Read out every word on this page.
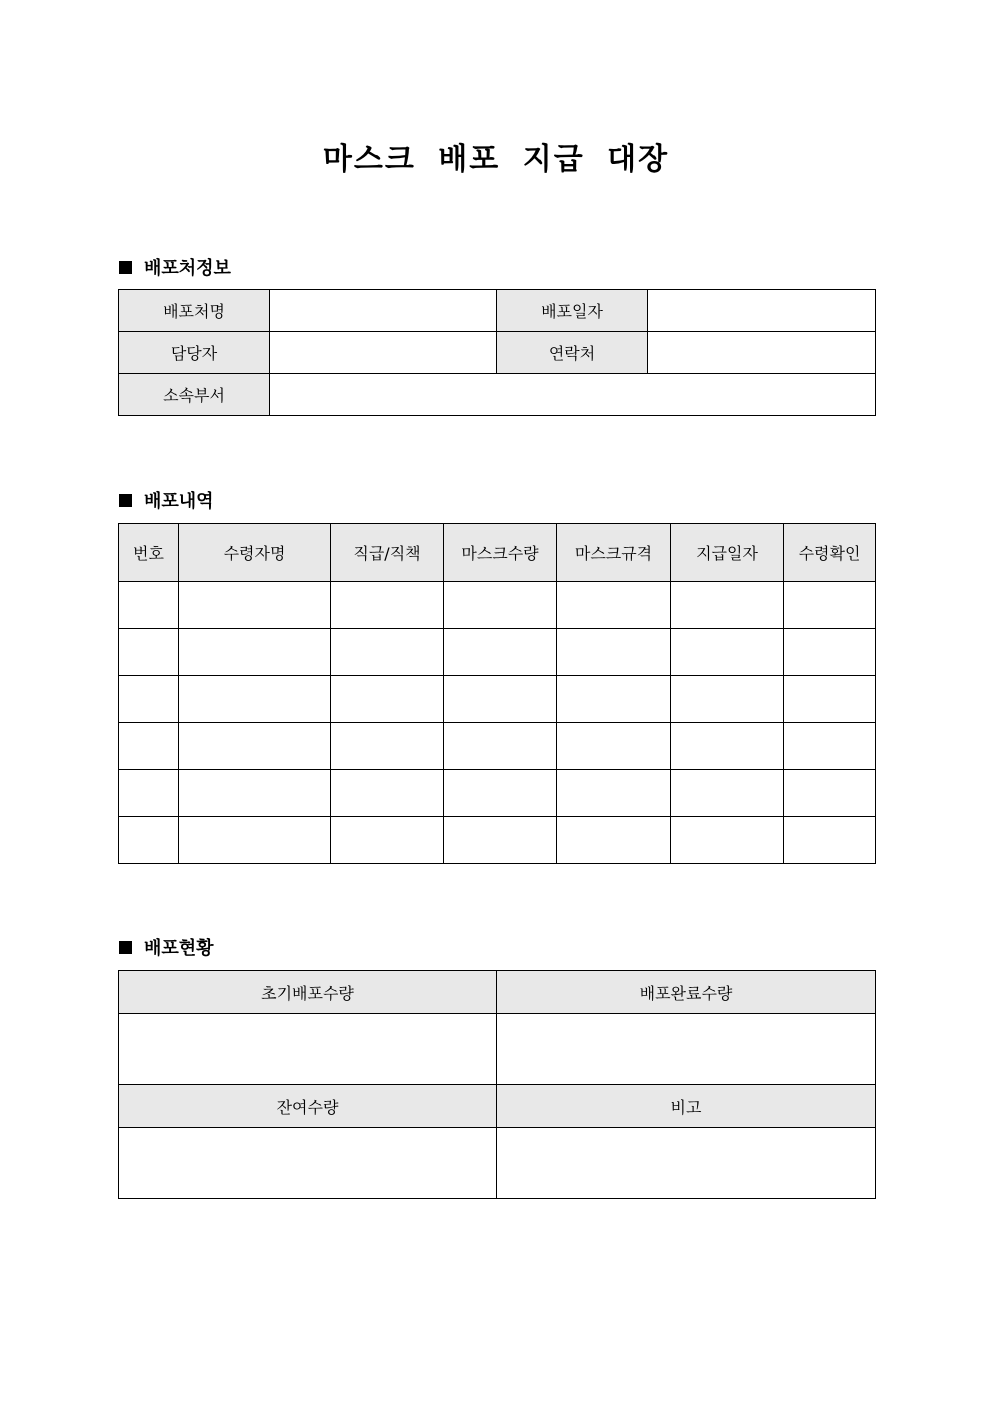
마스크 배포 지급 대장
배포처정보
배포처명		배포일자	
담당자		연락처	
소속부서			
배포내역
번호	수령자명	직급/직책	마스크수량	마스크규격	지급일자	수령확인

배포현황
초기배포수량	배포완료수량

잔여수량	비고
